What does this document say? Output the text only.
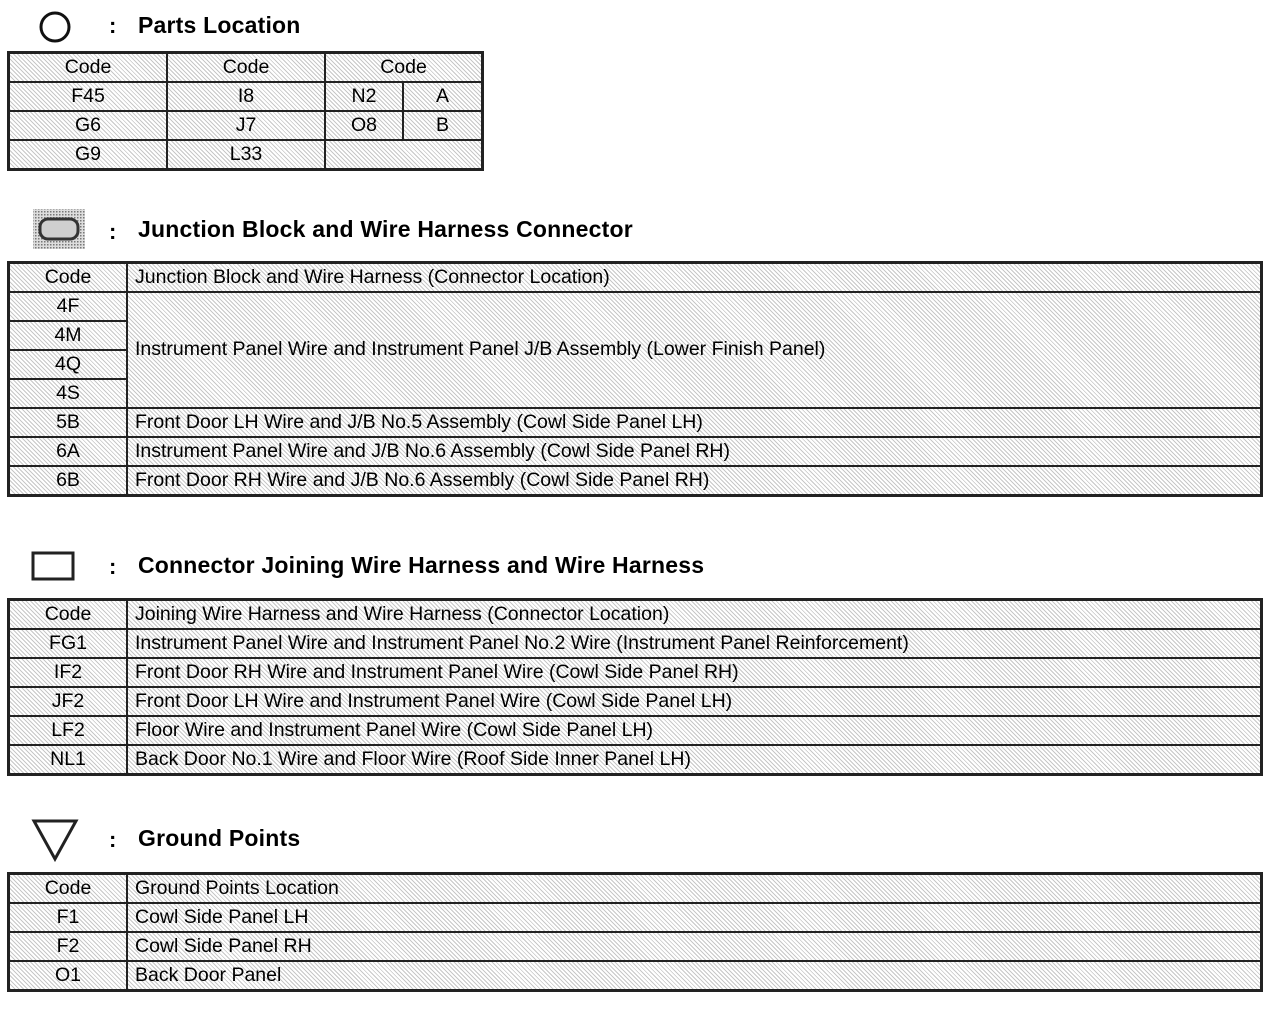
: Parts Location
Code	Code	Code	
F45	I8	N2	A
G6	J7	O8	B
G9	L33		
: Junction Block and Wire Harness Connector
Code	Junction Block and Wire Harness (Connector Location)
4F	Instrument Panel Wire and Instrument Panel J/B Assembly (Lower Finish Panel)
4M	
4Q	
4S	
5B	Front Door LH Wire and J/B No.5 Assembly (Cowl Side Panel LH)
6A	Instrument Panel Wire and J/B No.6 Assembly (Cowl Side Panel RH)
6B	Front Door RH Wire and J/B No.6 Assembly (Cowl Side Panel RH)
: Connector Joining Wire Harness and Wire Harness
Code	Joining Wire Harness and Wire Harness (Connector Location)
FG1	Instrument Panel Wire and Instrument Panel No.2 Wire (Instrument Panel Reinforcement)
IF2	Front Door RH Wire and Instrument Panel Wire (Cowl Side Panel RH)
JF2	Front Door LH Wire and Instrument Panel Wire (Cowl Side Panel LH)
LF2	Floor Wire and Instrument Panel Wire (Cowl Side Panel LH)
NL1	Back Door No.1 Wire and Floor Wire (Roof Side Inner Panel LH)
: Ground Points
Code	Ground Points Location
F1	Cowl Side Panel LH
F2	Cowl Side Panel RH
O1	Back Door Panel
